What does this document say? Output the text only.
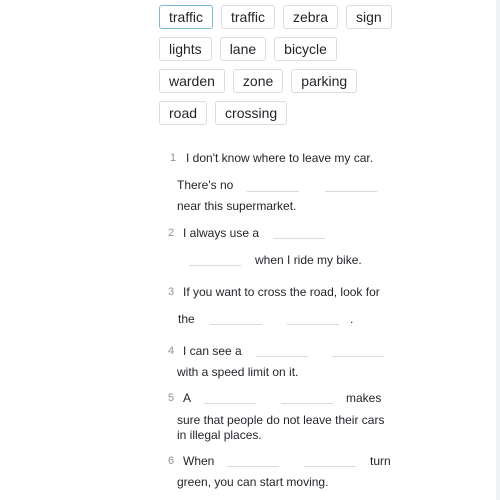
traffic	traffic	zebra	sign
lights	lane	bicycle
warden	zone	parking
road	crossing
1 I don't know where to leave my car.
There's no
near this supermarket.
2 I always use a
when I ride my bike.
3 If you want to cross the road, look for
the	.
4 I can see a
with a speed limit on it.
5 A	makes
sure that people do not leave their cars
in illegal places.
6 When	turn
green, you can start moving.
